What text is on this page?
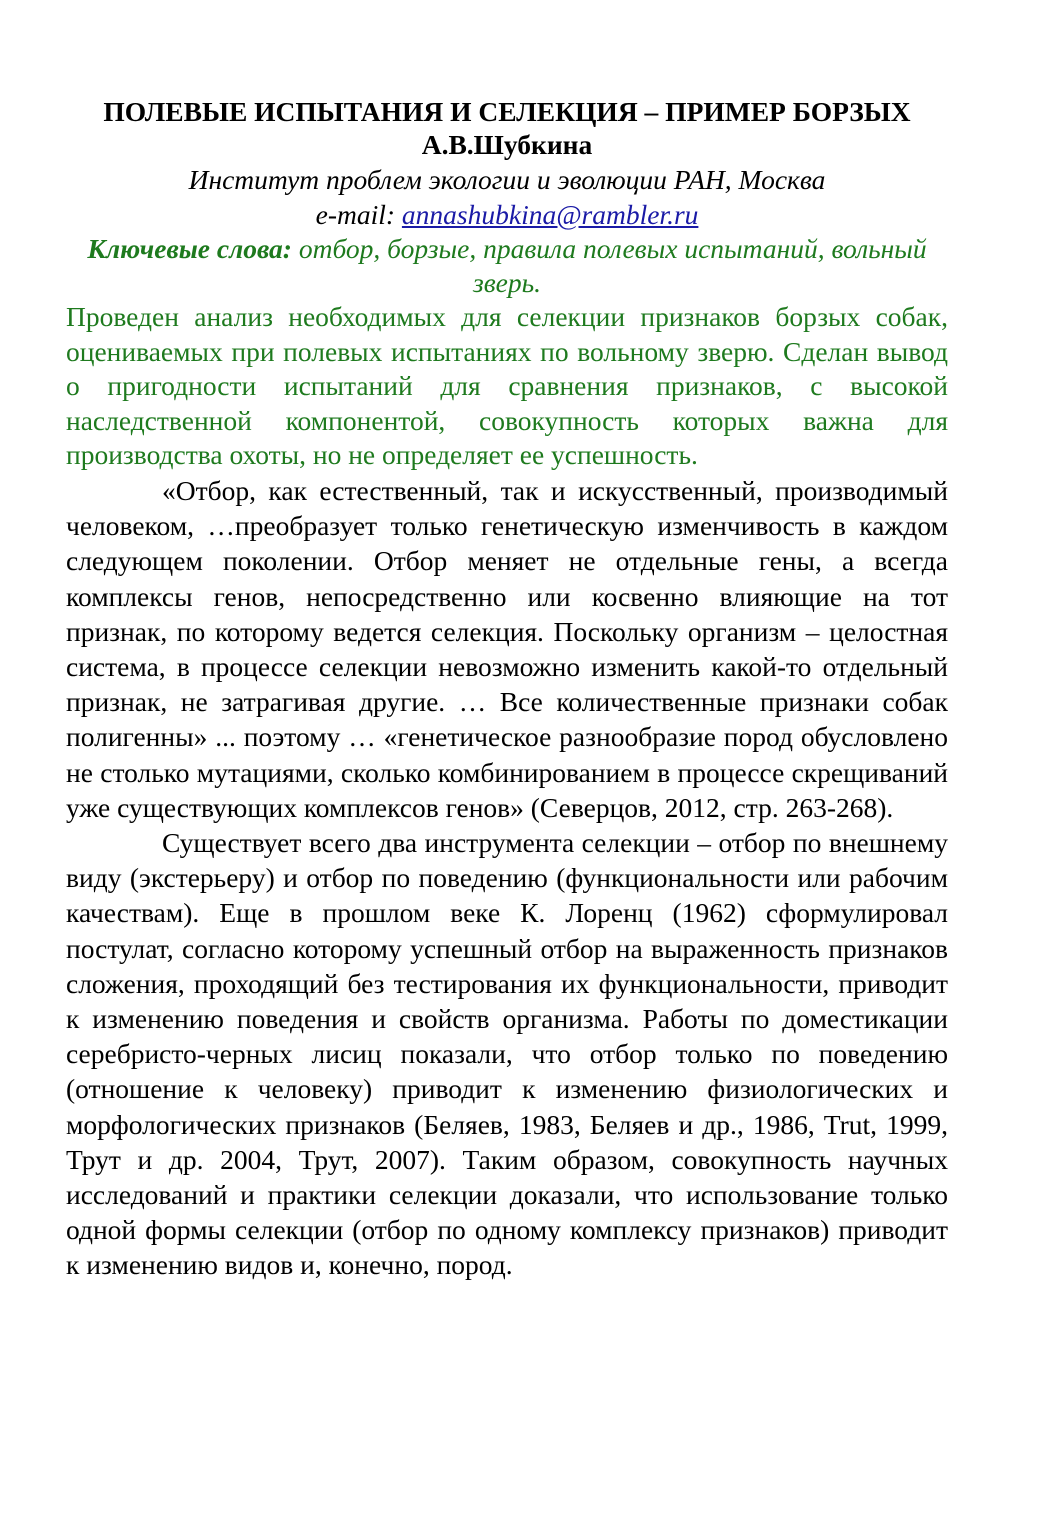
ПОЛЕВЫЕ ИСПЫТАНИЯ И СЕЛЕКЦИЯ – ПРИМЕР БОРЗЫХ

А.В.Шубкина

Институт проблем экологии и эволюции РАН, Москва

e-mail: annashubkina@rambler.ru

Ключевые слова: отбор, борзые, правила полевых испытаний, вольный зверь.

Проведен анализ необходимых для селекции признаков борзых собак, оцениваемых при полевых испытаниях по вольному зверю. Сделан вывод о пригодности испытаний для сравнения признаков, с высокой наследственной компонентой, совокупность которых важна для производства охоты, но не определяет ее успешность.

«Отбор, как естественный, так и искусственный, производимый человеком, …преобразует только генетическую изменчивость в каждом следующем поколении. Отбор меняет не отдельные гены, а всегда комплексы генов, непосредственно или косвенно влияющие на тот признак, по которому ведется селекция. Поскольку организм – целостная система, в процессе селекции невозможно изменить какой-то отдельный признак, не затрагивая другие. … Все количественные признаки собак полигенны» ... поэтому … «генетическое разнообразие пород обусловлено не столько мутациями, сколько комбинированием в процессе скрещиваний уже существующих комплексов генов» (Северцов, 2012, стр. 263-268).

Существует всего два инструмента селекции – отбор по внешнему виду (экстерьеру) и отбор по поведению (функциональности или рабочим качествам). Еще в прошлом веке К. Лоренц (1962) сформулировал постулат, согласно которому успешный отбор на выраженность признаков сложения, проходящий без тестирования их функциональности, приводит к изменению поведения и свойств организма. Работы по доместикации серебристо-черных лисиц показали, что отбор только по поведению (отношение к человеку) приводит к изменению физиологических и морфологических признаков (Беляев, 1983, Беляев и др., 1986, Trut, 1999, Трут и др. 2004, Трут, 2007). Таким образом, совокупность научных исследований и практики селекции доказали, что использование только одной формы селекции (отбор по одному комплексу признаков) приводит к изменению видов и, конечно, пород.
